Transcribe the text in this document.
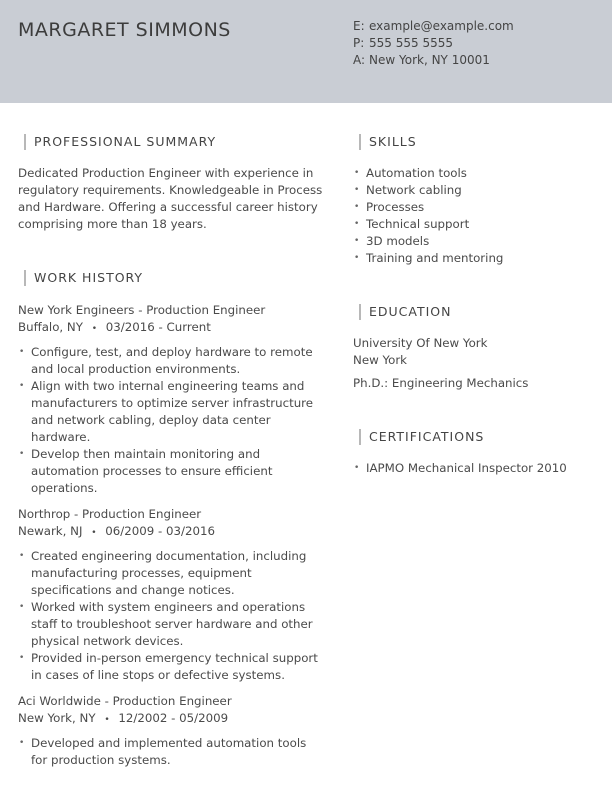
MARGARET SIMMONS	E: example@example.com
P: 555 555 5555
A: New York, NY 10001
PROFESSIONAL SUMMARY

Dedicated Production Engineer with experience in regulatory requirements. Knowledgeable in Process and Hardware. Offering a successful career history comprising more than 18 years.

WORK HISTORY
New York Engineers - Production Engineer
Buffalo, NY • 03/2016 - Current
• Configure, test, and deploy hardware to remote and local production environments.
• Align with two internal engineering teams and manufacturers to optimize server infrastructure and network cabling, deploy data center hardware.
• Develop then maintain monitoring and automation processes to ensure efficient operations.
Northrop - Production Engineer
Newark, NJ • 06/2009 - 03/2016
• Created engineering documentation, including manufacturing processes, equipment specifications and change notices.
• Worked with system engineers and operations staff to troubleshoot server hardware and other physical network devices.
• Provided in-person emergency technical support in cases of line stops or defective systems.
Aci Worldwide - Production Engineer
New York, NY • 12/2002 - 05/2009
• Developed and implemented automation tools for production systems.
SKILLS
• Automation tools
• Network cabling
• Processes
• Technical support
• 3D models
• Training and mentoring
EDUCATION
University Of New York
New York
Ph.D.: Engineering Mechanics
CERTIFICATIONS
• IAPMO Mechanical Inspector 2010
